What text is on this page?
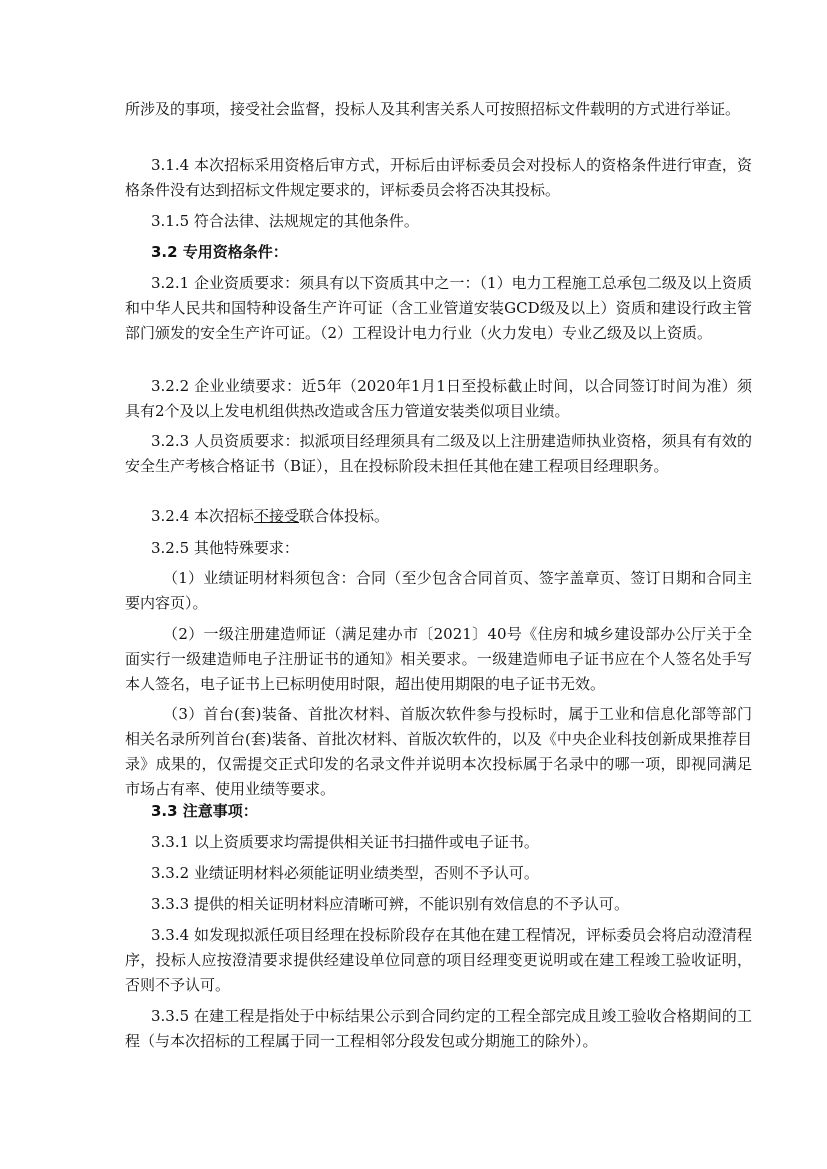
所涉及的事项，接受社会监督，投标人及其利害关系人可按照招标文件载明的方式进行举证。

3.1.4 本次招标采用资格后审方式，开标后由评标委员会对投标人的资格条件进行审查，资格条件没有达到招标文件规定要求的，评标委员会将否决其投标。

3.1.5 符合法律、法规规定的其他条件。

3.2 专用资格条件：

3.2.1 企业资质要求：须具有以下资质其中之一：（1）电力工程施工总承包二级及以上资质和中华人民共和国特种设备生产许可证（含工业管道安装GCD级及以上）资质和建设行政主管部门颁发的安全生产许可证。（2）工程设计电力行业（火力发电）专业乙级及以上资质。

3.2.2 企业业绩要求：近5年（2020年1月1日至投标截止时间，以合同签订时间为准）须具有2个及以上发电机组供热改造或含压力管道安装类似项目业绩。

3.2.3 人员资质要求：拟派项目经理须具有二级及以上注册建造师执业资格，须具有有效的安全生产考核合格证书（B证），且在投标阶段未担任其他在建工程项目经理职务。

3.2.4 本次招标不接受联合体投标。

3.2.5 其他特殊要求：

（1）业绩证明材料须包含：合同（至少包含合同首页、签字盖章页、签订日期和合同主要内容页）。

（2）一级注册建造师证（满足建办市〔2021〕40号《住房和城乡建设部办公厅关于全面实行一级建造师电子注册证书的通知》相关要求。一级建造师电子证书应在个人签名处手写本人签名，电子证书上已标明使用时限，超出使用期限的电子证书无效。

（3）首台(套)装备、首批次材料、首版次软件参与投标时，属于工业和信息化部等部门相关名录所列首台(套)装备、首批次材料、首版次软件的，以及《中央企业科技创新成果推荐目录》成果的，仅需提交正式印发的名录文件并说明本次投标属于名录中的哪一项，即视同满足市场占有率、使用业绩等要求。

3.3 注意事项：

3.3.1 以上资质要求均需提供相关证书扫描件或电子证书。

3.3.2 业绩证明材料必须能证明业绩类型，否则不予认可。

3.3.3 提供的相关证明材料应清晰可辨，不能识别有效信息的不予认可。

3.3.4 如发现拟派任项目经理在投标阶段存在其他在建工程情况，评标委员会将启动澄清程序，投标人应按澄清要求提供经建设单位同意的项目经理变更说明或在建工程竣工验收证明，否则不予认可。

3.3.5 在建工程是指处于中标结果公示到合同约定的工程全部完成且竣工验收合格期间的工程（与本次招标的工程属于同一工程相邻分段发包或分期施工的除外）。
